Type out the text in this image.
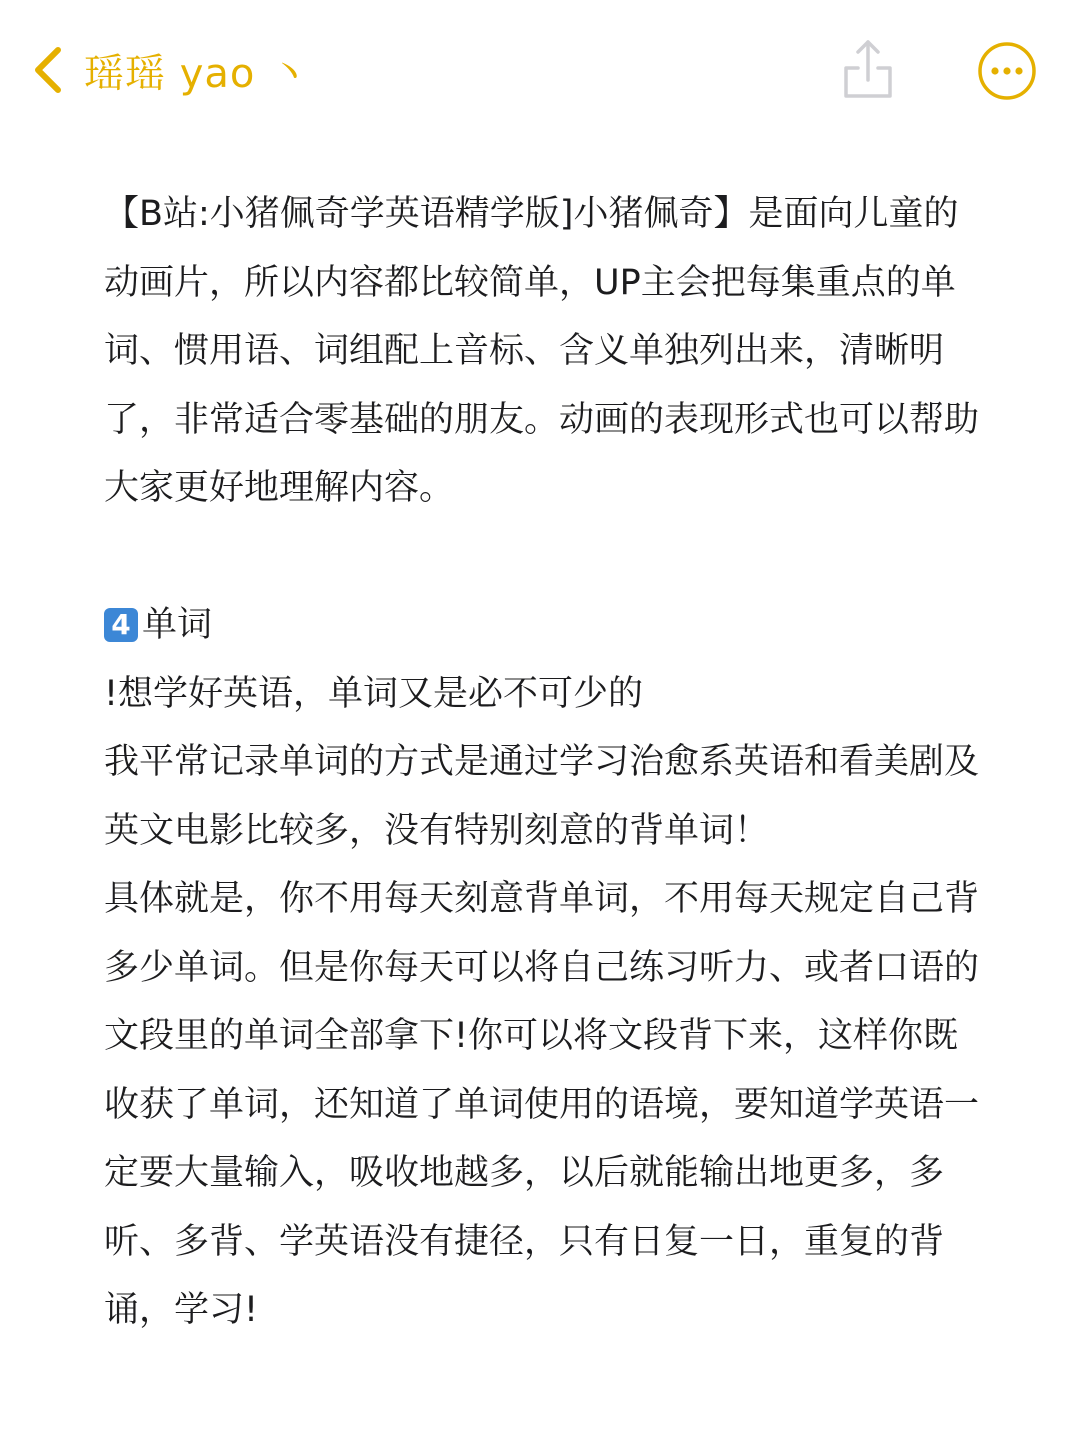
瑶瑶 yao 丶

【B站:小猪佩奇学英语精学版]小猪佩奇】是面向儿童的动画片，所以内容都比较简单，UP主会把每集重点的单词、惯用语、词组配上音标、含义单独列出来，清晰明了，非常适合零基础的朋友。动画的表现形式也可以帮助大家更好地理解内容。

4 单词

!想学好英语，单词又是必不可少的

我平常记录单词的方式是通过学习治愈系英语和看美剧及英文电影比较多，没有特别刻意的背单词！

具体就是，你不用每天刻意背单词，不用每天规定自己背多少单词。但是你每天可以将自己练习听力、或者口语的文段里的单词全部拿下!你可以将文段背下来，这样你既收获了单词，还知道了单词使用的语境，要知道学英语一定要大量输入，吸收地越多，以后就能输出地更多，多听、多背、学英语没有捷径，只有日复一日，重复的背诵，学习!
